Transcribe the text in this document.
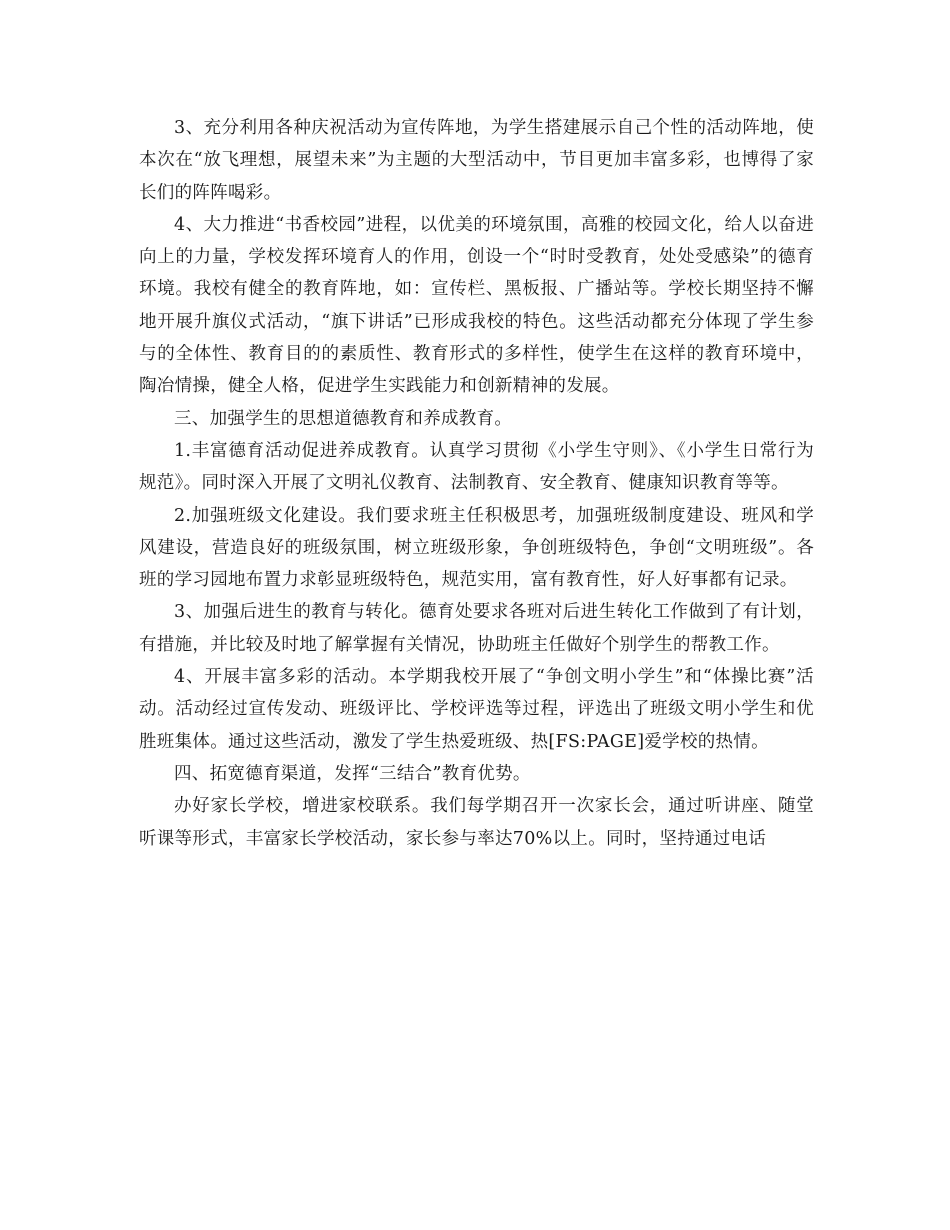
3、充分利用各种庆祝活动为宣传阵地，为学生搭建展示自己个性的活动阵地，使本次在“放飞理想，展望未来”为主题的大型活动中，节目更加丰富多彩，也博得了家长们的阵阵喝彩。

4、大力推进“书香校园”进程，以优美的环境氛围，高雅的校园文化，给人以奋进向上的力量，学校发挥环境育人的作用，创设一个“时时受教育，处处受感染”的德育环境。我校有健全的教育阵地，如：宣传栏、黑板报、广播站等。学校长期坚持不懈地开展升旗仪式活动，“旗下讲话”已形成我校的特色。这些活动都充分体现了学生参与的全体性、教育目的的素质性、教育形式的多样性，使学生在这样的教育环境中，陶冶情操，健全人格，促进学生实践能力和创新精神的发展。

三、加强学生的思想道德教育和养成教育。

1.丰富德育活动促进养成教育。认真学习贯彻《小学生守则》、《小学生日常行为规范》。同时深入开展了文明礼仪教育、法制教育、安全教育、健康知识教育等等。

2.加强班级文化建设。我们要求班主任积极思考，加强班级制度建设、班风和学风建设，营造良好的班级氛围，树立班级形象，争创班级特色，争创“文明班级”。各班的学习园地布置力求彰显班级特色，规范实用，富有教育性，好人好事都有记录。

3、加强后进生的教育与转化。德育处要求各班对后进生转化工作做到了有计划，有措施，并比较及时地了解掌握有关情况，协助班主任做好个别学生的帮教工作。

4、开展丰富多彩的活动。本学期我校开展了“争创文明小学生”和“体操比赛”活动。活动经过宣传发动、班级评比、学校评选等过程，评选出了班级文明小学生和优胜班集体。通过这些活动，激发了学生热爱班级、热[FS:PAGE]爱学校的热情。

四、拓宽德育渠道，发挥“三结合”教育优势。

办好家长学校，增进家校联系。我们每学期召开一次家长会，通过听讲座、随堂听课等形式，丰富家长学校活动，家长参与率达70%以上。同时，坚持通过电话
